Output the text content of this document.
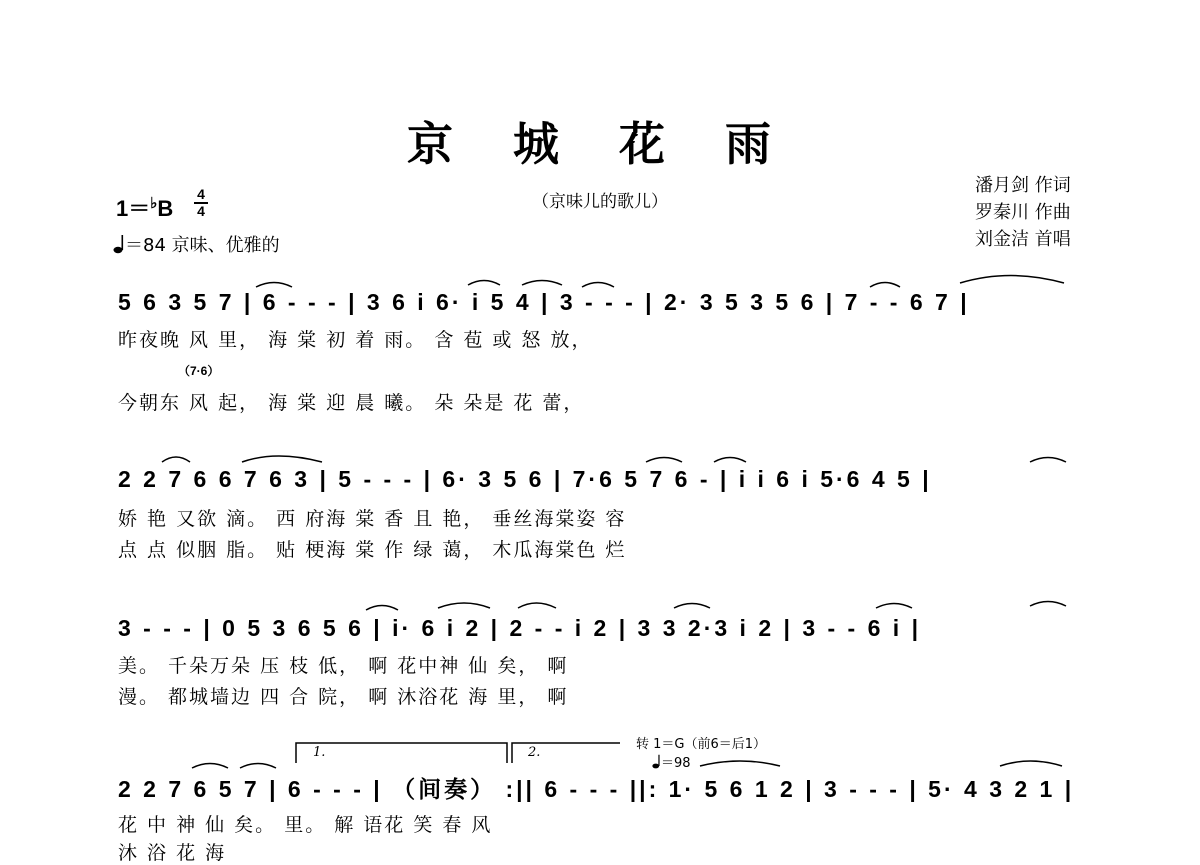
京 城 花 雨
（京味儿的歌儿）
潘月剑 作词
罗秦川 作曲
刘金洁 首唱
1＝♭B
4
4
＝84 京味、优雅的
5 6 3 5 7 | 6 - - - | 3 6 i 6· i 5 4 | 3 - - - | 2· 3 5 3 5 6 | 7 - - 6 7 |
昨夜晚 风 里， 海 棠 初 着 雨。 含 苞 或 怒 放，
（7·6）
今朝东 风 起， 海 棠 迎 晨 曦。 朵 朵是 花 蕾，
2 2 7 6 6 7 6 3 | 5 - - - | 6· 3 5 6 | 7·6 5 7 6 - | i i 6 i 5·6 4 5 |
娇 艳 又欲 滴。 西 府海 棠 香 且 艳， 垂丝海棠姿 容
点 点 似胭 脂。 贴 梗海 棠 作 绿 蔼， 木瓜海棠色 烂
3 - - - | 0 5 3 6 5 6 | i· 6 i 2 | 2 - - i 2 | 3 3 2·3 i 2 | 3 - - 6 i |
美。 千朵万朵 压 枝 低， 啊 花中神 仙 矣， 啊
漫。 都城墙边 四 合 院， 啊 沐浴花 海 里， 啊
1.	2.
转 1＝G（前6＝后1）
＝98
2 2 7 6 5 7 | 6 - - - | （间奏） :|| 6 - - - ||: 1· 5 6 1 2 | 3 - - - | 5· 4 3 2 1 |
花 中 神 仙 矣。 里。 解 语花 笑 春 风
沐 浴 花 海
